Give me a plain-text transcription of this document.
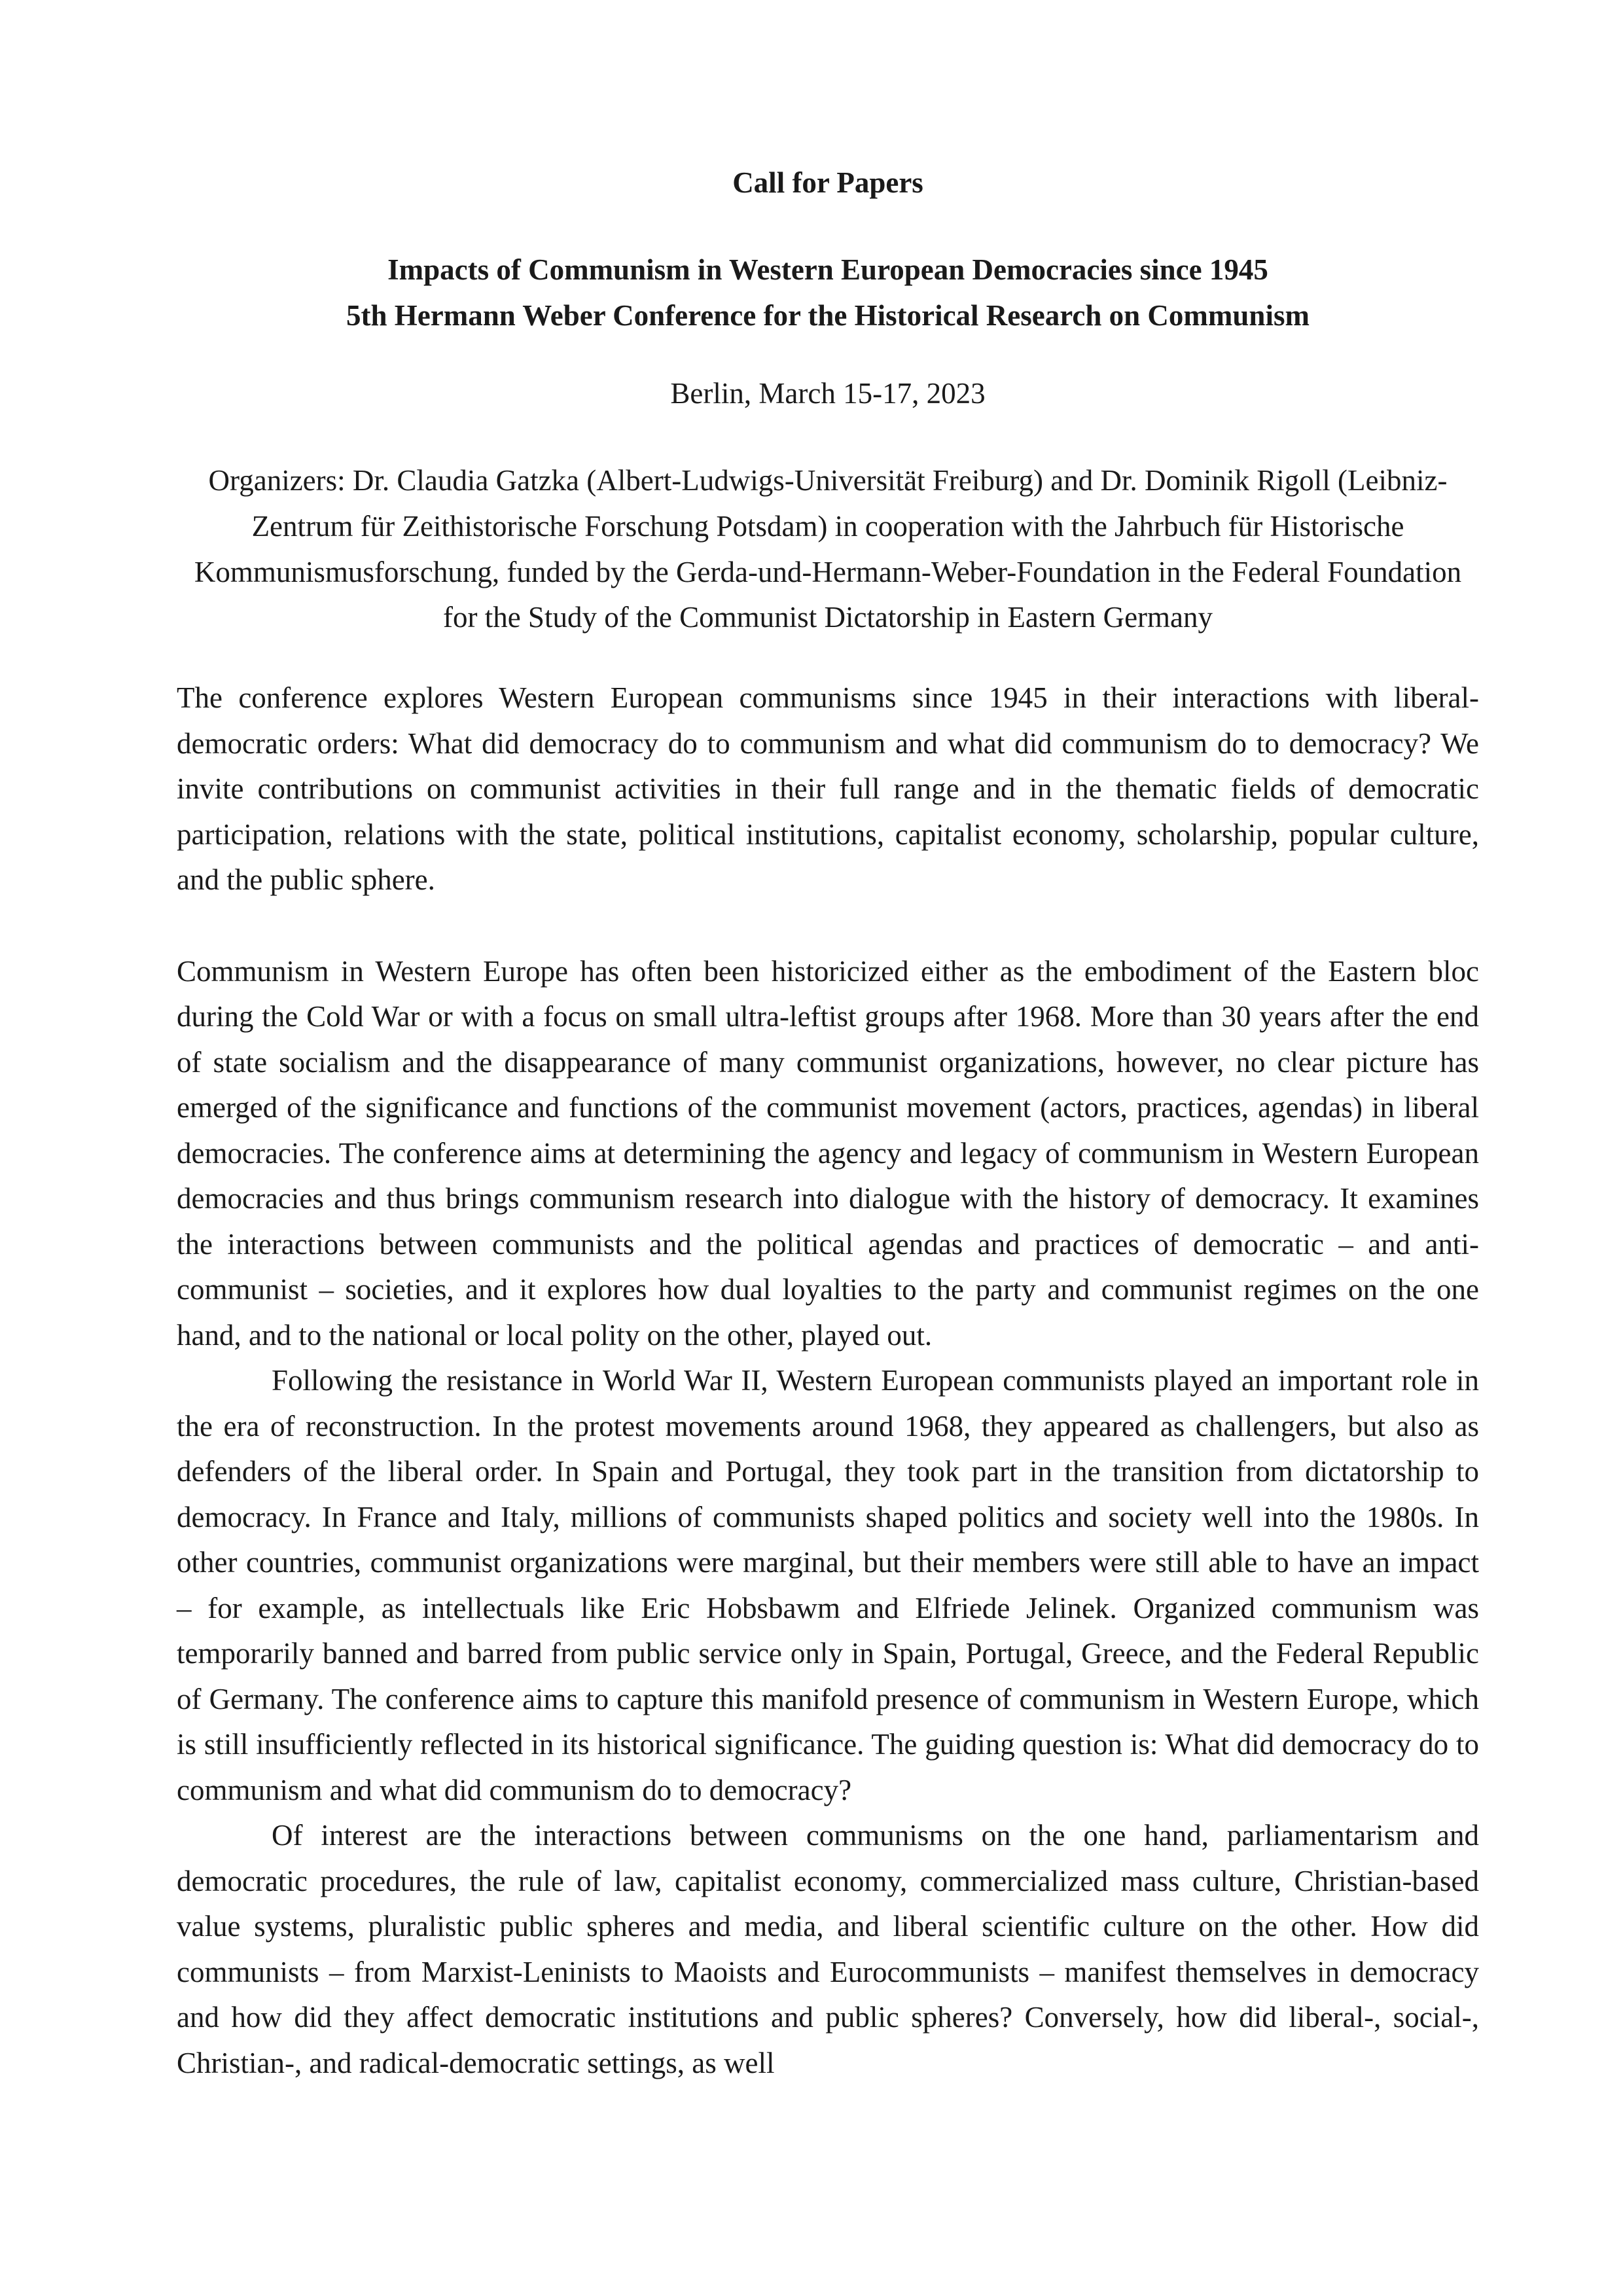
Call for Papers
Impacts of Communism in Western European Democracies since 1945
5th Hermann Weber Conference for the Historical Research on Communism

Berlin, March 15-17, 2023

Organizers: Dr. Claudia Gatzka (Albert-Ludwigs-Universität Freiburg) and Dr. Dominik Rigoll (Leibniz-Zentrum für Zeithistorische Forschung Potsdam) in cooperation with the Jahrbuch für Historische Kommunismusforschung, funded by the Gerda-und-Hermann-Weber-Foundation in the Federal Foundation for the Study of the Communist Dictatorship in Eastern Germany

The conference explores Western European communisms since 1945 in their interactions with liberal-democratic orders: What did democracy do to communism and what did communism do to democracy? We invite contributions on communist activities in their full range and in the thematic fields of democratic participation, relations with the state, political institutions, capitalist economy, scholarship, popular culture, and the public sphere.

Communism in Western Europe has often been historicized either as the embodiment of the Eastern bloc during the Cold War or with a focus on small ultra-leftist groups after 1968. More than 30 years after the end of state socialism and the disappearance of many communist organizations, however, no clear picture has emerged of the significance and functions of the communist movement (actors, practices, agendas) in liberal democracies. The conference aims at determining the agency and legacy of communism in Western European democracies and thus brings communism research into dialogue with the history of democracy. It examines the interactions between communists and the political agendas and practices of democratic – and anti-communist – societies, and it explores how dual loyalties to the party and communist regimes on the one hand, and to the national or local polity on the other, played out.

Following the resistance in World War II, Western European communists played an important role in the era of reconstruction. In the protest movements around 1968, they appeared as challengers, but also as defenders of the liberal order. In Spain and Portugal, they took part in the transition from dictatorship to democracy. In France and Italy, millions of communists shaped politics and society well into the 1980s. In other countries, communist organizations were marginal, but their members were still able to have an impact – for example, as intellectuals like Eric Hobsbawm and Elfriede Jelinek. Organized communism was temporarily banned and barred from public service only in Spain, Portugal, Greece, and the Federal Republic of Germany. The conference aims to capture this manifold presence of communism in Western Europe, which is still insufficiently reflected in its historical significance. The guiding question is: What did democracy do to communism and what did communism do to democracy?

Of interest are the interactions between communisms on the one hand, parliamentarism and democratic procedures, the rule of law, capitalist economy, commercialized mass culture, Christian-based value systems, pluralistic public spheres and media, and liberal scientific culture on the other. How did communists – from Marxist-Leninists to Maoists and Eurocommunists – manifest themselves in democracy and how did they affect democratic institutions and public spheres? Conversely, how did liberal-, social-, Christian-, and radical-democratic settings, as well
